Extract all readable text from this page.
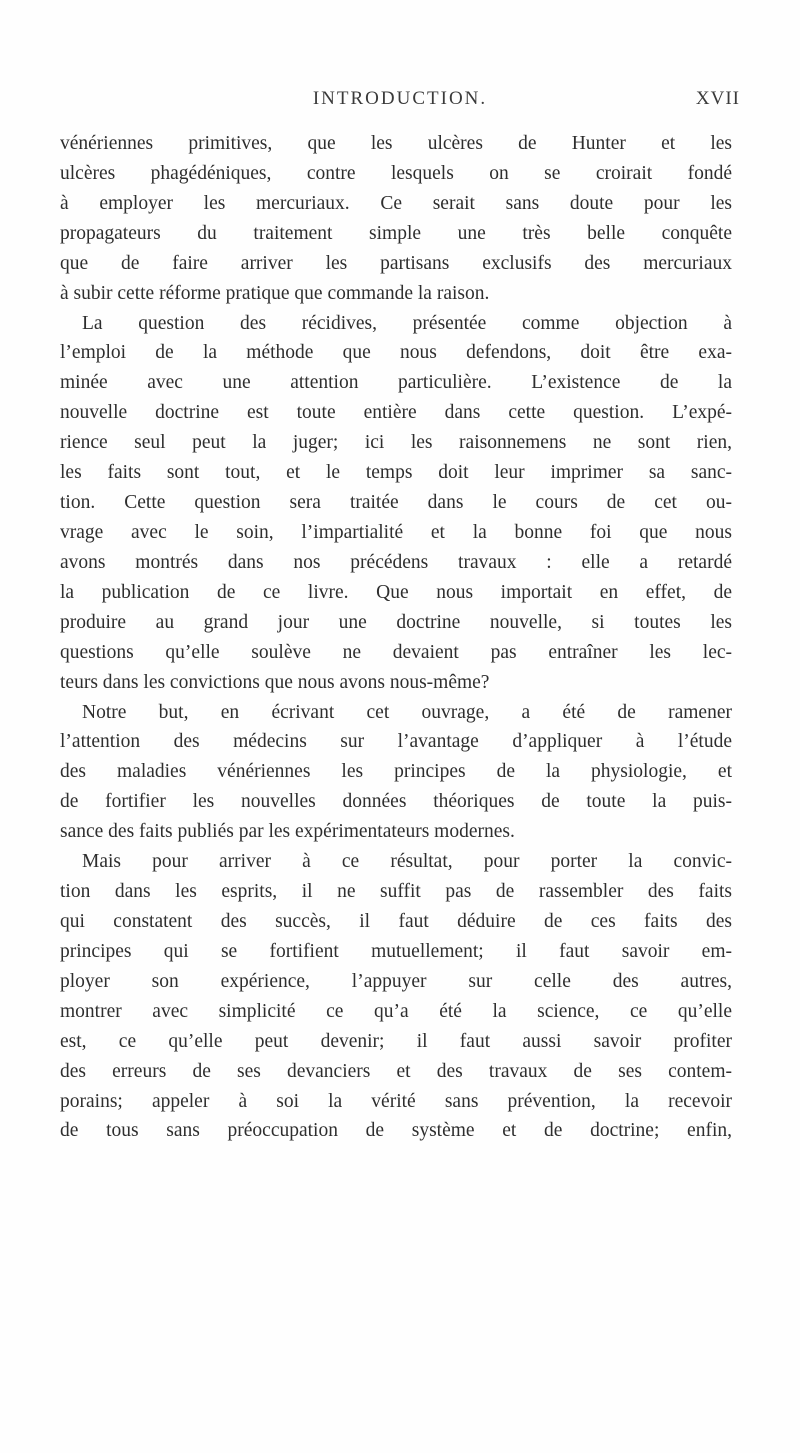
INTRODUCTION.	XVII
vénériennes primitives, que les ulcères de Hunter et les
ulcères phagédéniques, contre lesquels on se croirait fondé
à employer les mercuriaux. Ce serait sans doute pour les
propagateurs du traitement simple une très belle conquête
que de faire arriver les partisans exclusifs des mercuriaux
à subir cette réforme pratique que commande la raison.
La question des récidives, présentée comme objection à
l’emploi de la méthode que nous defendons, doit être exa-
minée avec une attention particulière. L’existence de la
nouvelle doctrine est toute entière dans cette question. L’expé-
rience seul peut la juger; ici les raisonnemens ne sont rien,
les faits sont tout, et le temps doit leur imprimer sa sanc-
tion. Cette question sera traitée dans le cours de cet ou-
vrage avec le soin, l’impartialité et la bonne foi que nous
avons montrés dans nos précédens travaux : elle a retardé
la publication de ce livre. Que nous importait en effet, de
produire au grand jour une doctrine nouvelle, si toutes les
questions qu’elle soulève ne devaient pas entraîner les lec-
teurs dans les convictions que nous avons nous-même?
Notre but, en écrivant cet ouvrage, a été de ramener
l’attention des médecins sur l’avantage d’appliquer à l’étude
des maladies vénériennes les principes de la physiologie, et
de fortifier les nouvelles données théoriques de toute la puis-
sance des faits publiés par les expérimentateurs modernes.
Mais pour arriver à ce résultat, pour porter la convic-
tion dans les esprits, il ne suffit pas de rassembler des faits
qui constatent des succès, il faut déduire de ces faits des
principes qui se fortifient mutuellement; il faut savoir em-
ployer son expérience, l’appuyer sur celle des autres,
montrer avec simplicité ce qu’a été la science, ce qu’elle
est, ce qu’elle peut devenir; il faut aussi savoir profiter
des erreurs de ses devanciers et des travaux de ses contem-
porains; appeler à soi la vérité sans prévention, la recevoir
de tous sans préoccupation de système et de doctrine; enfin,
